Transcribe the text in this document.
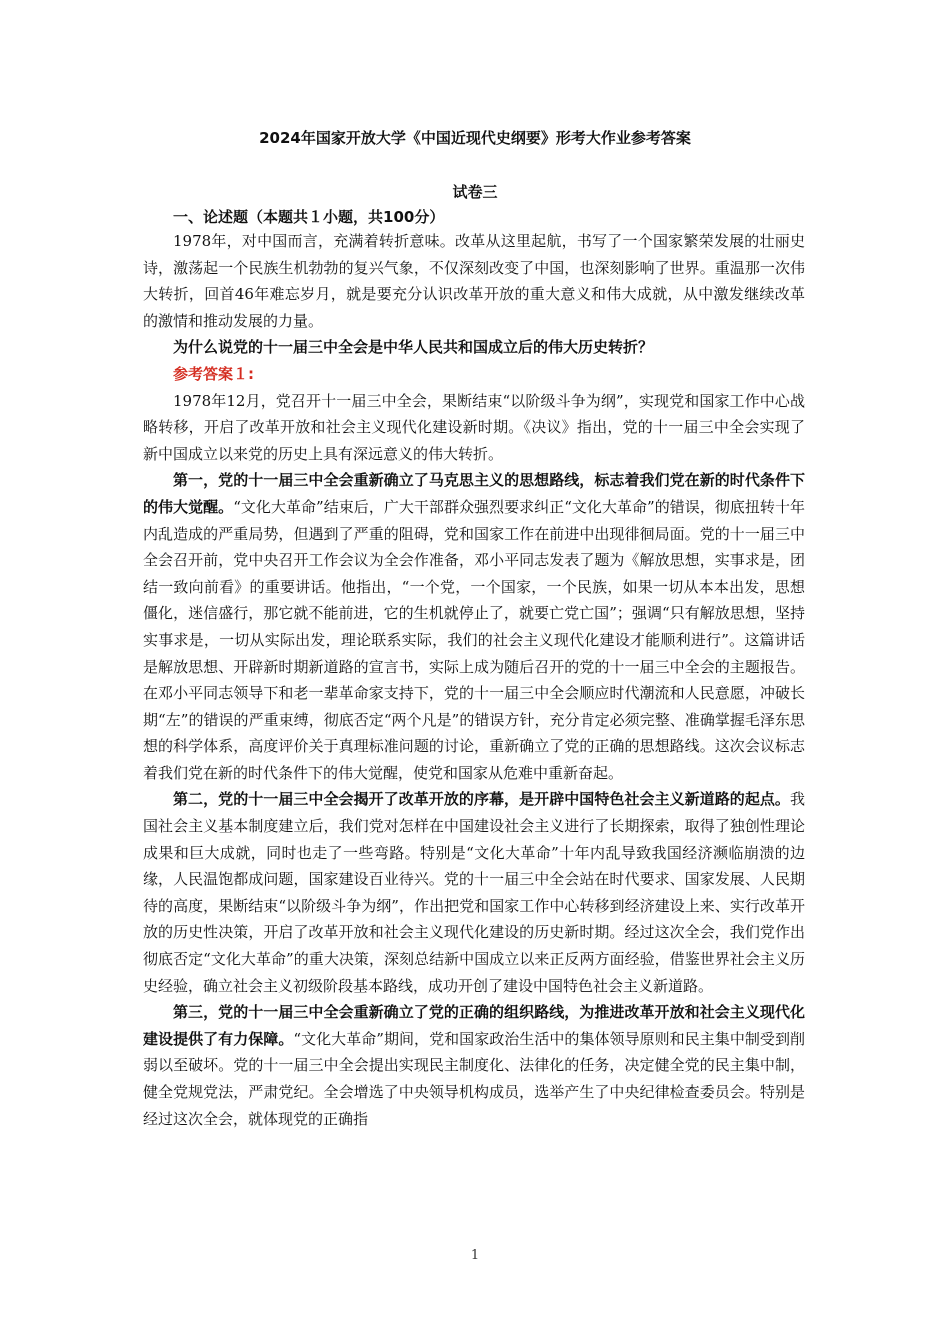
2024年国家开放大学《中国近现代史纲要》形考大作业参考答案
试卷三
一、论述题（本题共１小题，共100分）

1978年，对中国而言，充满着转折意味。改革从这里起航，书写了一个国家繁荣发展的壮丽史诗，激荡起一个民族生机勃勃的复兴气象，不仅深刻改变了中国，也深刻影响了世界。重温那一次伟大转折，回首46年难忘岁月，就是要充分认识改革开放的重大意义和伟大成就，从中激发继续改革的激情和推动发展的力量。

为什么说党的十一届三中全会是中华人民共和国成立后的伟大历史转折？

参考答案１:

1978年12月，党召开十一届三中全会，果断结束“以阶级斗争为纲”，实现党和国家工作中心战略转移，开启了改革开放和社会主义现代化建设新时期。《决议》指出，党的十一届三中全会实现了新中国成立以来党的历史上具有深远意义的伟大转折。

第一，党的十一届三中全会重新确立了马克思主义的思想路线，标志着我们党在新的时代条件下的伟大觉醒。“文化大革命”结束后，广大干部群众强烈要求纠正“文化大革命”的错误，彻底扭转十年内乱造成的严重局势，但遇到了严重的阻碍，党和国家工作在前进中出现徘徊局面。党的十一届三中全会召开前，党中央召开工作会议为全会作准备，邓小平同志发表了题为《解放思想，实事求是，团结一致向前看》的重要讲话。他指出，“一个党，一个国家，一个民族，如果一切从本本出发，思想僵化，迷信盛行，那它就不能前进，它的生机就停止了，就要亡党亡国”；强调“只有解放思想，坚持实事求是，一切从实际出发，理论联系实际，我们的社会主义现代化建设才能顺利进行”。这篇讲话是解放思想、开辟新时期新道路的宣言书，实际上成为随后召开的党的十一届三中全会的主题报告。在邓小平同志领导下和老一辈革命家支持下，党的十一届三中全会顺应时代潮流和人民意愿，冲破长期“左”的错误的严重束缚，彻底否定“两个凡是”的错误方针，充分肯定必须完整、准确掌握毛泽东思想的科学体系，高度评价关于真理标准问题的讨论，重新确立了党的正确的思想路线。这次会议标志着我们党在新的时代条件下的伟大觉醒，使党和国家从危难中重新奋起。

第二，党的十一届三中全会揭开了改革开放的序幕，是开辟中国特色社会主义新道路的起点。我国社会主义基本制度建立后，我们党对怎样在中国建设社会主义进行了长期探索，取得了独创性理论成果和巨大成就，同时也走了一些弯路。特别是“文化大革命”十年内乱导致我国经济濒临崩溃的边缘，人民温饱都成问题，国家建设百业待兴。党的十一届三中全会站在时代要求、国家发展、人民期待的高度，果断结束“以阶级斗争为纲”，作出把党和国家工作中心转移到经济建设上来、实行改革开放的历史性决策，开启了改革开放和社会主义现代化建设的历史新时期。经过这次全会，我们党作出彻底否定“文化大革命”的重大决策，深刻总结新中国成立以来正反两方面经验，借鉴世界社会主义历史经验，确立社会主义初级阶段基本路线，成功开创了建设中国特色社会主义新道路。

第三，党的十一届三中全会重新确立了党的正确的组织路线，为推进改革开放和社会主义现代化建设提供了有力保障。“文化大革命”期间，党和国家政治生活中的集体领导原则和民主集中制受到削弱以至破坏。党的十一届三中全会提出实现民主制度化、法律化的任务，决定健全党的民主集中制，健全党规党法，严肃党纪。全会增选了中央领导机构成员，选举产生了中央纪律检查委员会。特别是经过这次全会，就体现党的正确指

1
